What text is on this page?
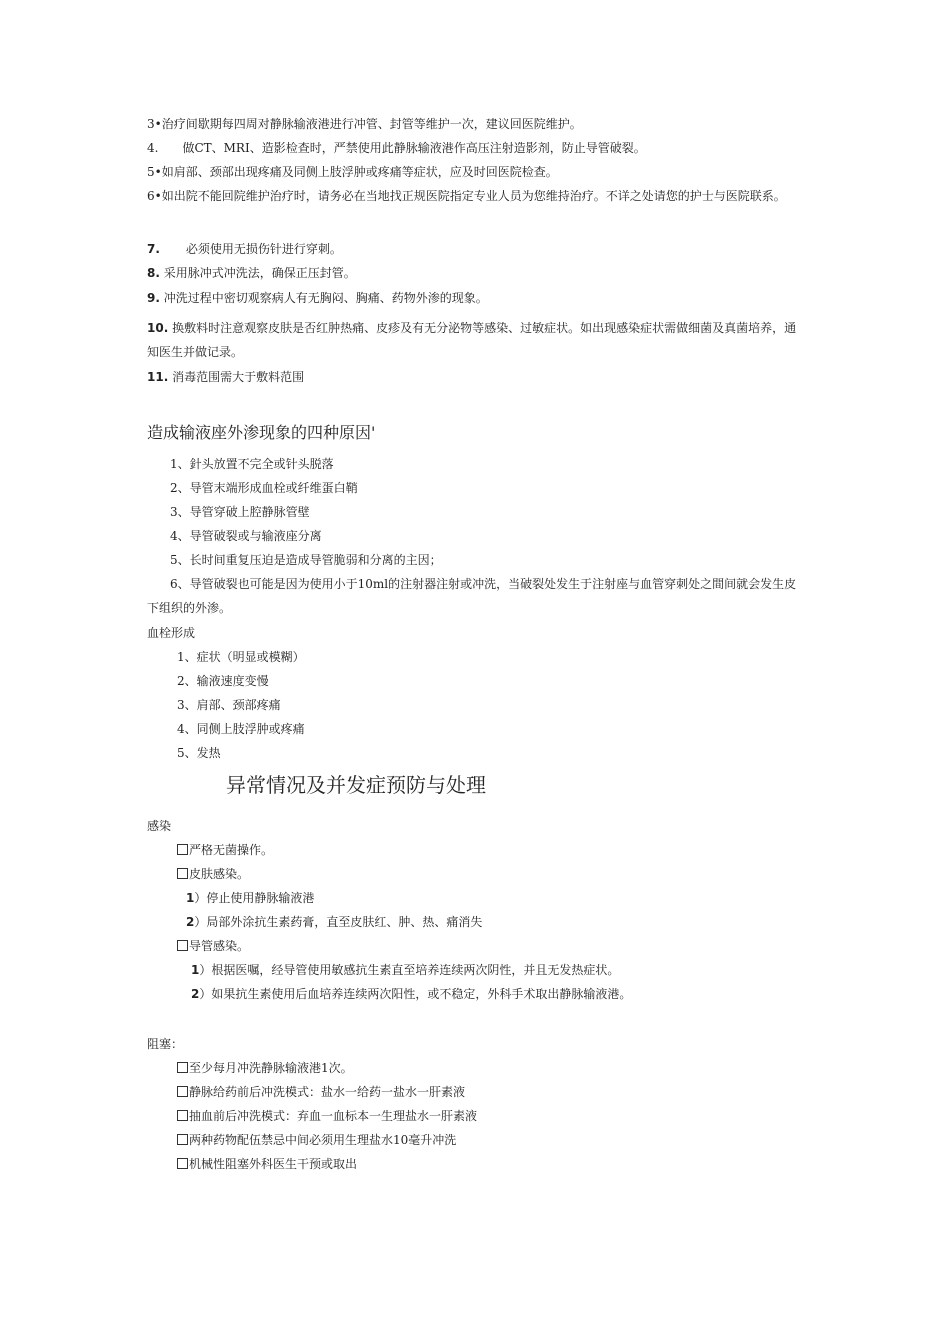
3•治疗间歇期每四周对静脉输液港进行冲管、封管等维护一次，建议回医院维护。
4.　　做CT、MRI、造影检查时，严禁使用此静脉输液港作高压注射造影剂，防止导管破裂。
5•如肩部、颈部出现疼痛及同侧上肢浮肿或疼痛等症状，应及时回医院检查。
6•如出院不能回院维护治疗时，请务必在当地找正规医院指定专业人员为您维持治疗。不详之处请您的护士与医院联系。
7. 必须使用无损伤针进行穿刺。
8. 采用脉冲式冲洗法，确保正压封管。
9. 冲洗过程中密切观察病人有无胸闷、胸痛、药物外渗的现象。
10. 换敷料时注意观察皮肤是否红肿热痛、皮疹及有无分泌物等感染、过敏症状。如出现感染症状需做细菌及真菌培养，通知医生并做记录。
11. 消毒范围需大于敷料范围
造成输液座外渗现象的四种原因'
1、針头放置不完全或针头脱落
2、导管末端形成血栓或纤维蛋白鞘
3、导管穿破上腔静脉管壁
4、导管破裂或与输液座分离
5、长时间重复压迫是造成导管脆弱和分离的主因；
6、导管破裂也可能是因为使用小于10ml的注射器注射或冲洗，当破裂处发生于注射座与血管穿刺处之間间就会发生皮下组织的外渗。
血栓形成
1、症状（明显或模糊）
2、输液速度变慢
3、肩部、颈部疼痛
4、同侧上肢浮肿或疼痛
5、发热
异常情况及并发症预防与处理
感染
严格无菌操作。
皮肤感染。
1）停止使用静脉输液港
2）局部外涂抗生素药膏，直至皮肤红、肿、热、痛消失
导管感染。
1）根据医嘱，经导管使用敏感抗生素直至培养连续两次阴性，并且无发热症状。
2）如果抗生素使用后血培养连续两次阳性，或不稳定，外科手术取出静脉输液港。
阻塞：
至少每月冲洗静脉输液港1次。
静脉给药前后冲洗模式：盐水一给药一盐水一肝素液
抽血前后冲洗模式：弃血一血标本一生理盐水一肝素液
两种药物配伍禁忌中间必须用生理盐水10毫升冲洗
机械性阻塞外科医生干预或取出
